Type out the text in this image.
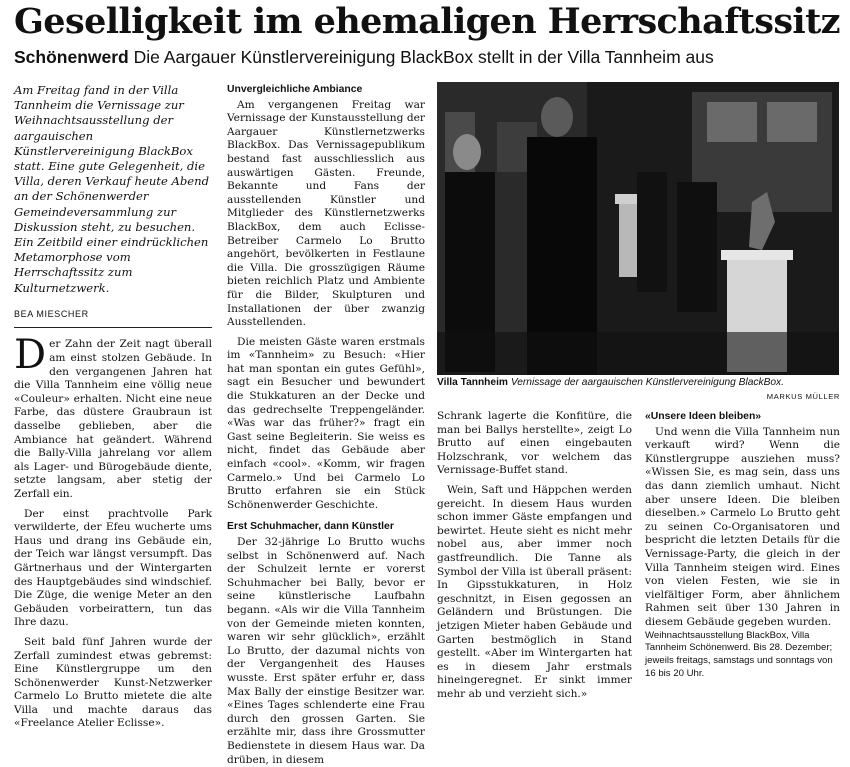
Geselligkeit im ehemaligen Herrschaftssitz
Schönenwerd Die Aargauer Künstlervereinigung BlackBox stellt in der Villa Tannheim aus

Am Freitag fand in der Villa Tannheim die Vernissage zur Weihnachtsausstellung der aargauischen Künstlervereinigung BlackBox statt. Eine gute Gelegenheit, die Villa, deren Verkauf heute Abend an der Schönenwerder Gemeindeversammlung zur Diskussion steht, zu besuchen. Ein Zeitbild einer eindrücklichen Metamorphose vom Herrschaftssitz zum Kulturnetzwerk.

BEA MIESCHER

Der Zahn der Zeit nagt überall am einst stolzen Gebäude. In den vergangenen Jahren hat die Villa Tannheim eine völlig neue «Couleur» erhalten. Nicht eine neue Farbe, das düstere Graubraun ist dasselbe geblieben, aber die Ambiance hat geändert. Während die Bally-Villa jahrelang vor allem als Lager- und Bürogebäude diente, setzte langsam, aber stetig der Zerfall ein.

Der einst prachtvolle Park verwilderte, der Efeu wucherte ums Haus und drang ins Gebäude ein, der Teich war längst versumpft. Das Gärtnerhaus und der Wintergarten des Hauptgebäudes sind windschief. Die Züge, die wenige Meter an den Gebäuden vorbeirattern, tun das Ihre dazu.

Seit bald fünf Jahren wurde der Zerfall zumindest etwas gebremst: Eine Künstlergruppe um den Schönenwerder Kunst-Netzwerker Carmelo Lo Brutto mietete die alte Villa und machte daraus das «Freelance Atelier Eclisse».

Unvergleichliche Ambiance

Am vergangenen Freitag war Vernissage der Kunstausstellung der Aargauer Künstlernetzwerks BlackBox. Das Vernissagepublikum bestand fast ausschliesslich aus auswärtigen Gästen. Freunde, Bekannte und Fans der ausstellenden Künstler und Mitglieder des Künstlernetzwerks BlackBox, dem auch Eclisse-Betreiber Carmelo Lo Brutto angehört, bevölkerten in Festlaune die Villa. Die grosszügigen Räume bieten reichlich Platz und Ambiente für die Bilder, Skulpturen und Installationen der über zwanzig Ausstellenden.

Die meisten Gäste waren erstmals im «Tannheim» zu Besuch: «Hier hat man spontan ein gutes Gefühl», sagt ein Besucher und bewundert die Stukkaturen an der Decke und das gedrechselte Treppengeländer. «Was war das früher?» fragt ein Gast seine Begleiterin. Sie weiss es nicht, findet das Gebäude aber einfach «cool». «Komm, wir fragen Carmelo.» Und bei Carmelo Lo Brutto erfahren sie ein Stück Schönenwerder Geschichte.

Erst Schuhmacher, dann Künstler

Der 32-jährige Lo Brutto wuchs selbst in Schönenwerd auf. Nach der Schulzeit lernte er vorerst Schuhmacher bei Bally, bevor er seine künstlerische Laufbahn begann. «Als wir die Villa Tannheim von der Gemeinde mieten konnten, waren wir sehr glücklich», erzählt Lo Brutto, der dazumal nichts von der Vergangenheit des Hauses wusste. Erst später erfuhr er, dass Max Bally der einstige Besitzer war. «Eines Tages schlenderte eine Frau durch den grossen Garten. Sie erzählte mir, dass ihre Grossmutter Bedienstete in diesem Haus war. Da drüben, in diesem

Villa Tannheim Vernissage der aargauischen Künstlervereinigung BlackBox.
MARKUS MÜLLER

Schrank lagerte die Konfitüre, die man bei Ballys herstellte», zeigt Lo Brutto auf einen eingebauten Holzschrank, vor welchem das Vernissage-Buffet stand.

Wein, Saft und Häppchen werden gereicht. In diesem Haus wurden schon immer Gäste empfangen und bewirtet. Heute sieht es nicht mehr nobel aus, aber immer noch gastfreundlich. Die Tanne als Symbol der Villa ist überall präsent: In Gipsstukkaturen, in Holz geschnitzt, in Eisen gegossen an Geländern und Brüstungen. Die jetzigen Mieter haben Gebäude und Garten bestmöglich in Stand gestellt. «Aber im Wintergarten hat es in diesem Jahr erstmals hineingeregnet. Er sinkt immer mehr ab und verzieht sich.»

«Unsere Ideen bleiben»

Und wenn die Villa Tannheim nun verkauft wird? Wenn die Künstlergruppe ausziehen muss? «Wissen Sie, es mag sein, dass uns das dann ziemlich umhaut. Nicht aber unsere Ideen. Die bleiben dieselben.» Carmelo Lo Brutto geht zu seinen Co-Organisatoren und bespricht die letzten Details für die Vernissage-Party, die gleich in der Villa Tannheim steigen wird. Eines von vielen Festen, wie sie in vielfältiger Form, aber ähnlichem Rahmen seit über 130 Jahren in diesem Gebäude gegeben wurden.

Weihnachtsausstellung BlackBox, Villa Tannheim Schönenwerd. Bis 28. Dezember; jeweils freitags, samstags und sonntags von 16 bis 20 Uhr.
